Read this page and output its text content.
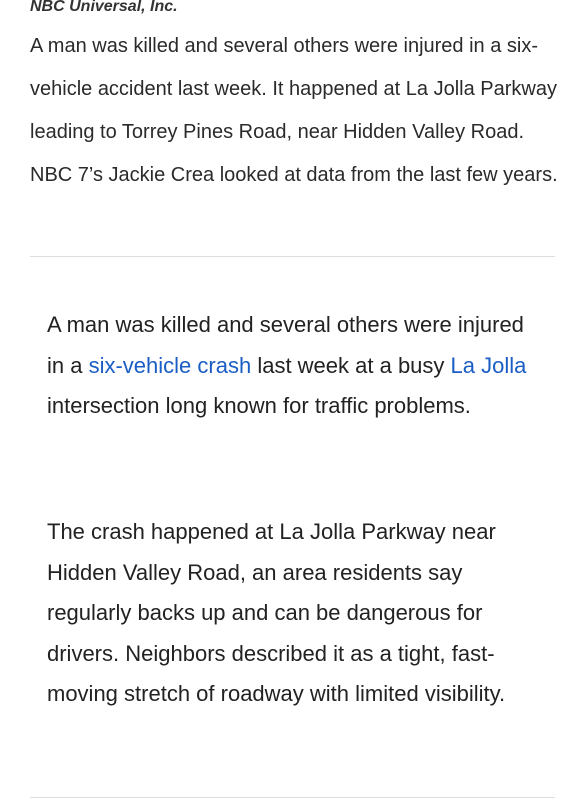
NBC Universal, Inc.

A man was killed and several others were injured in a six-vehicle accident last week. It happened at La Jolla Parkway leading to Torrey Pines Road, near Hidden Valley Road. NBC 7’s Jackie Crea looked at data from the last few years.

A man was killed and several others were injured in a six-vehicle crash last week at a busy La Jolla intersection long known for traffic problems.

The crash happened at La Jolla Parkway near Hidden Valley Road, an area residents say regularly backs up and can be dangerous for drivers. Neighbors described it as a tight, fast-moving stretch of roadway with limited visibility.
